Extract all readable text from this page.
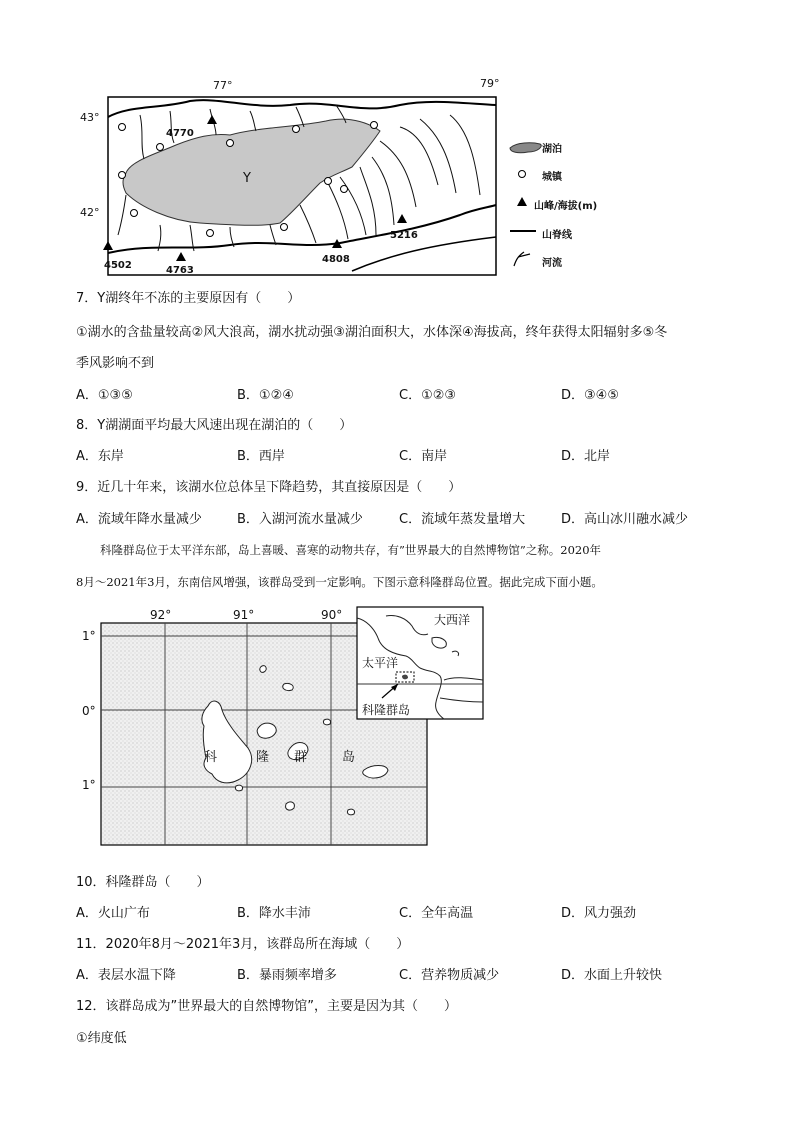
77°	79°
43°
42°
Y
4770
5216
4502	4763
4808
湖泊
城镇
山峰/海拔(m)
山脊线
河流
7．Y湖终年不冻的主要原因有（　　）
①湖水的含盐量较高②风大浪高，湖水扰动强③湖泊面积大，水体深④海拔高，终年获得太阳辐射多⑤冬
季风影响不到
A．①③⑤	B．①②④	C．①②③	D．③④⑤
8．Y湖湖面平均最大风速出现在湖泊的（　　）
A．东岸	B．西岸	C．南岸	D．北岸
9．近几十年来，该湖水位总体呈下降趋势，其直接原因是（　　）
A．流域年降水量减少	B．入湖河流水量减少	C．流域年蒸发量增大	D．高山冰川融水减少
科隆群岛位于太平洋东部，岛上喜暖、喜寒的动物共存，有”世界最大的自然博物馆”之称。2020年
8月～2021年3月，东南信风增强，该群岛受到一定影响。下图示意科隆群岛位置。据此完成下面小题。
92°	91°	90°
1°
0°
1°
科	隆 群	岛
大西洋
太平洋
科隆群岛
10．科隆群岛（　　）
A．火山广布	B．降水丰沛	C．全年高温	D．风力强劲
11．2020年8月～2021年3月，该群岛所在海域（　　）
A．表层水温下降	B．暴雨频率增多	C．营养物质减少	D．水面上升较快
12．该群岛成为”世界最大的自然博物馆”，主要是因为其（　　）
①纬度低
